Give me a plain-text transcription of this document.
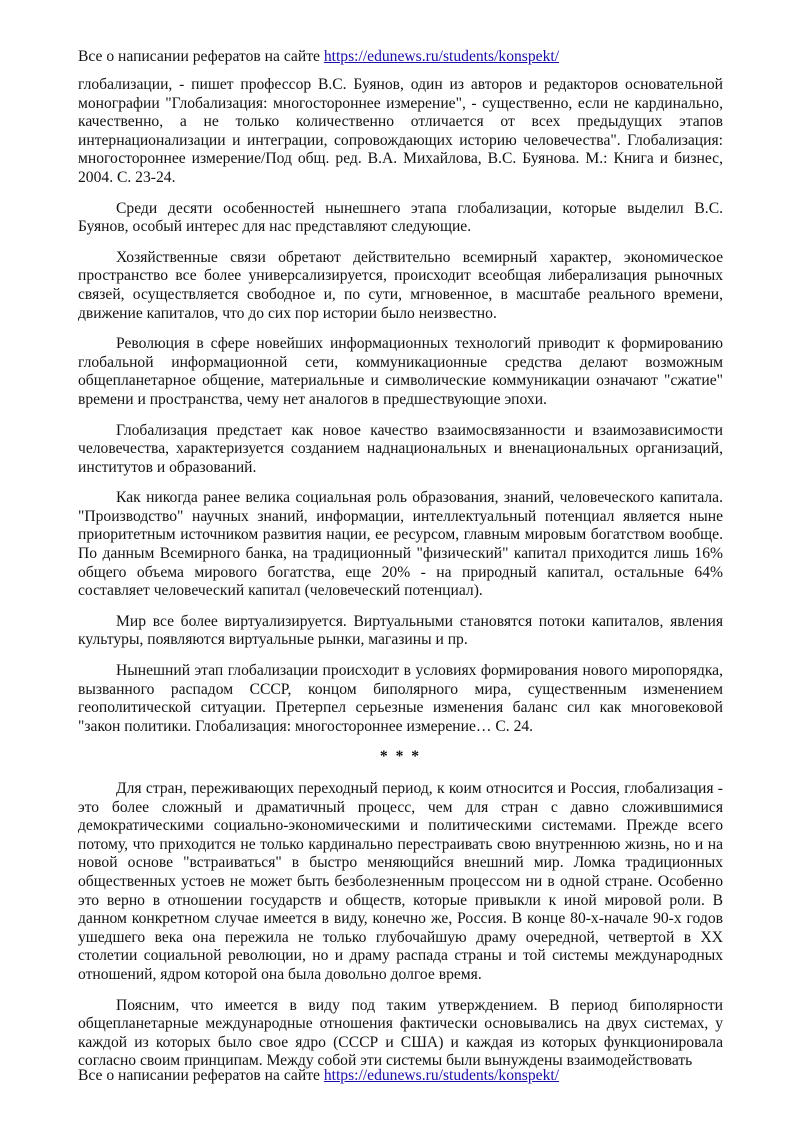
Все о написании рефератов на сайте https://edunews.ru/students/konspekt/

глобализации, - пишет профессор В.С. Буянов, один из авторов и редакторов основательной монографии "Глобализация: многостороннее измерение", - существенно, если не кардинально, качественно, а не только количественно отличается от всех предыдущих этапов интернационализации и интеграции, сопровождающих историю человечества". Глобализация: многостороннее измерение/Под общ. ред. В.А. Михайлова, В.С. Буянова. М.: Книга и бизнес, 2004. С. 23-24.

Среди десяти особенностей нынешнего этапа глобализации, которые выделил В.С. Буянов, особый интерес для нас представляют следующие.

Хозяйственные связи обретают действительно всемирный характер, экономическое пространство все более универсализируется, происходит всеобщая либерализация рыночных связей, осуществляется свободное и, по сути, мгновенное, в масштабе реального времени, движение капиталов, что до сих пор истории было неизвестно.

Революция в сфере новейших информационных технологий приводит к формированию глобальной информационной сети, коммуникационные средства делают возможным общепланетарное общение, материальные и символические коммуникации означают "сжатие" времени и пространства, чему нет аналогов в предшествующие эпохи.

Глобализация предстает как новое качество взаимосвязанности и взаимозависимости человечества, характеризуется созданием наднациональных и вненациональных организаций, институтов и образований.

Как никогда ранее велика социальная роль образования, знаний, человеческого капитала. "Производство" научных знаний, информации, интеллектуальный потенциал является ныне приоритетным источником развития нации, ее ресурсом, главным мировым богатством вообще. По данным Всемирного банка, на традиционный "физический" капитал приходится лишь 16% общего объема мирового богатства, еще 20% - на природный капитал, остальные 64% составляет человеческий капитал (человеческий потенциал).

Мир все более виртуализируется. Виртуальными становятся потоки капиталов, явления культуры, появляются виртуальные рынки, магазины и пр.

Нынешний этап глобализации происходит в условиях формирования нового миропорядка, вызванного распадом СССР, концом биполярного мира, существенным изменением геополитической ситуации. Претерпел серьезные изменения баланс сил как многовековой "закон политики. Глобализация: многостороннее измерение… С. 24.

* * *

Для стран, переживающих переходный период, к коим относится и Россия, глобализация - это более сложный и драматичный процесс, чем для стран с давно сложившимися демократическими социально-экономическими и политическими системами. Прежде всего потому, что приходится не только кардинально перестраивать свою внутреннюю жизнь, но и на новой основе "встраиваться" в быстро меняющийся внешний мир. Ломка традиционных общественных устоев не может быть безболезненным процессом ни в одной стране. Особенно это верно в отношении государств и обществ, которые привыкли к иной мировой роли. В данном конкретном случае имеется в виду, конечно же, Россия. В конце 80-х-начале 90-х годов ушедшего века она пережила не только глубочайшую драму очередной, четвертой в XX столетии социальной революции, но и драму распада страны и той системы международных отношений, ядром которой она была довольно долгое время.

Поясним, что имеется в виду под таким утверждением. В период биполярности общепланетарные международные отношения фактически основывались на двух системах, у каждой из которых было свое ядро (СССР и США) и каждая из которых функционировала согласно своим принципам. Между собой эти системы были вынуждены взаимодействовать

Все о написании рефератов на сайте https://edunews.ru/students/konspekt/
